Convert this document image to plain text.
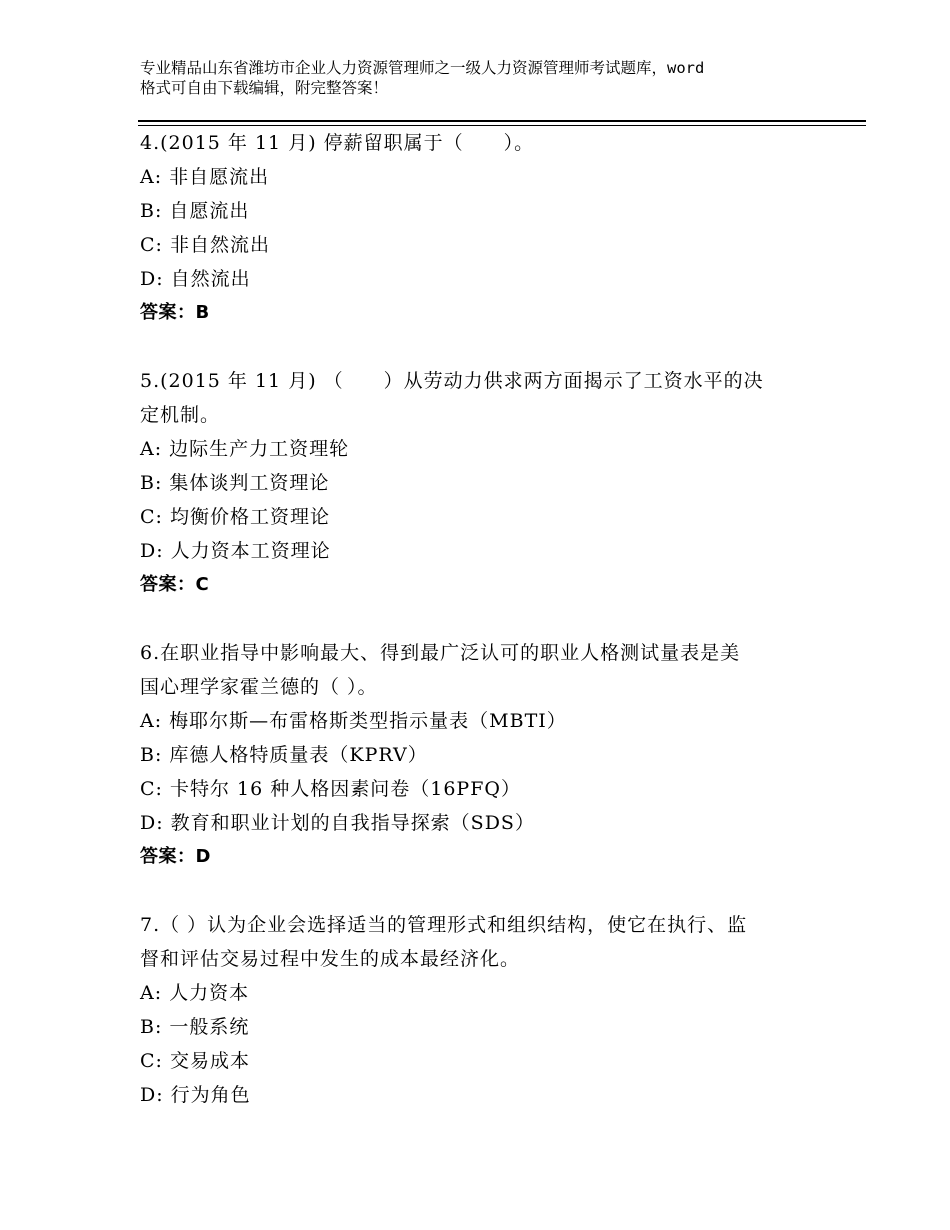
专业精品山东省潍坊市企业人力资源管理师之一级人力资源管理师考试题库，word
格式可自由下载编辑，附完整答案！
4.(2015 年 11 月) 停薪留职属于（　　）。
A: 非自愿流出
B: 自愿流出
C: 非自然流出
D: 自然流出
答案：B
5.(2015 年 11 月) （　　）从劳动力供求两方面揭示了工资水平的决
定机制。
A: 边际生产力工资理轮
B: 集体谈判工资理论
C: 均衡价格工资理论
D: 人力资本工资理论
答案：C
6.在职业指导中影响最大、得到最广泛认可的职业人格测试量表是美
国心理学家霍兰德的（ ）。
A: 梅耶尔斯—布雷格斯类型指示量表（MBTI）
B: 库德人格特质量表（KPRV）
C: 卡特尔 16 种人格因素问卷（16PFQ）
D: 教育和职业计划的自我指导探索（SDS）
答案：D
7.（ ）认为企业会选择适当的管理形式和组织结构，使它在执行、监
督和评估交易过程中发生的成本最经济化。
A: 人力资本
B: 一般系统
C: 交易成本
D: 行为角色
